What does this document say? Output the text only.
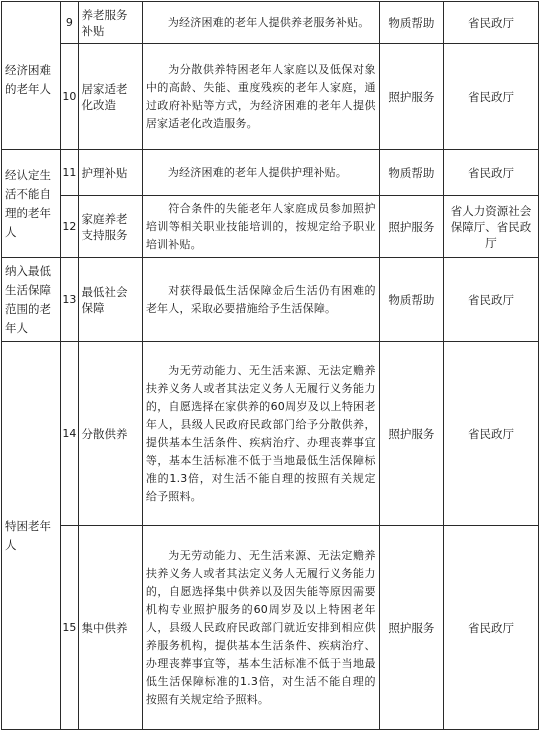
经济困难的老年人	9	养老服务补贴	为经济困难的老年人提供养老服务补贴。	物质帮助	省民政厅
	10	居家适老化改造	为分散供养特困老年人家庭以及低保对象中的高龄、失能、重度残疾的老年人家庭，通过政府补贴等方式，为经济困难的老年人提供居家适老化改造服务。	照护服务	省民政厅
经认定生活不能自理的老年人	11	护理补贴	为经济困难的老年人提供护理补贴。	物质帮助	省民政厅
	12	家庭养老支持服务	符合条件的失能老年人家庭成员参加照护培训等相关职业技能培训的，按规定给予职业培训补贴。	照护服务	省人力资源社会保障厅、省民政厅
纳入最低生活保障范围的老年人	13	最低社会保障	对获得最低生活保障金后生活仍有困难的老年人，采取必要措施给予生活保障。	物质帮助	省民政厅
特困老年人	14	分散供养	为无劳动能力、无生活来源、无法定赡养扶养义务人或者其法定义务人无履行义务能力的，自愿选择在家供养的60周岁及以上特困老年人，县级人民政府民政部门给予分散供养，提供基本生活条件、疾病治疗、办理丧葬事宜等，基本生活标准不低于当地最低生活保障标准的1.3倍，对生活不能自理的按照有关规定给予照料。	照护服务	省民政厅
	15	集中供养	为无劳动能力、无生活来源、无法定赡养扶养义务人或者其法定义务人无履行义务能力的，自愿选择集中供养以及因失能等原因需要机构专业照护服务的60周岁及以上特困老年人，县级人民政府民政部门就近安排到相应供养服务机构，提供基本生活条件、疾病治疗、办理丧葬事宜等，基本生活标准不低于当地最低生活保障标准的1.3倍，对生活不能自理的按照有关规定给予照料。	照护服务	省民政厅
